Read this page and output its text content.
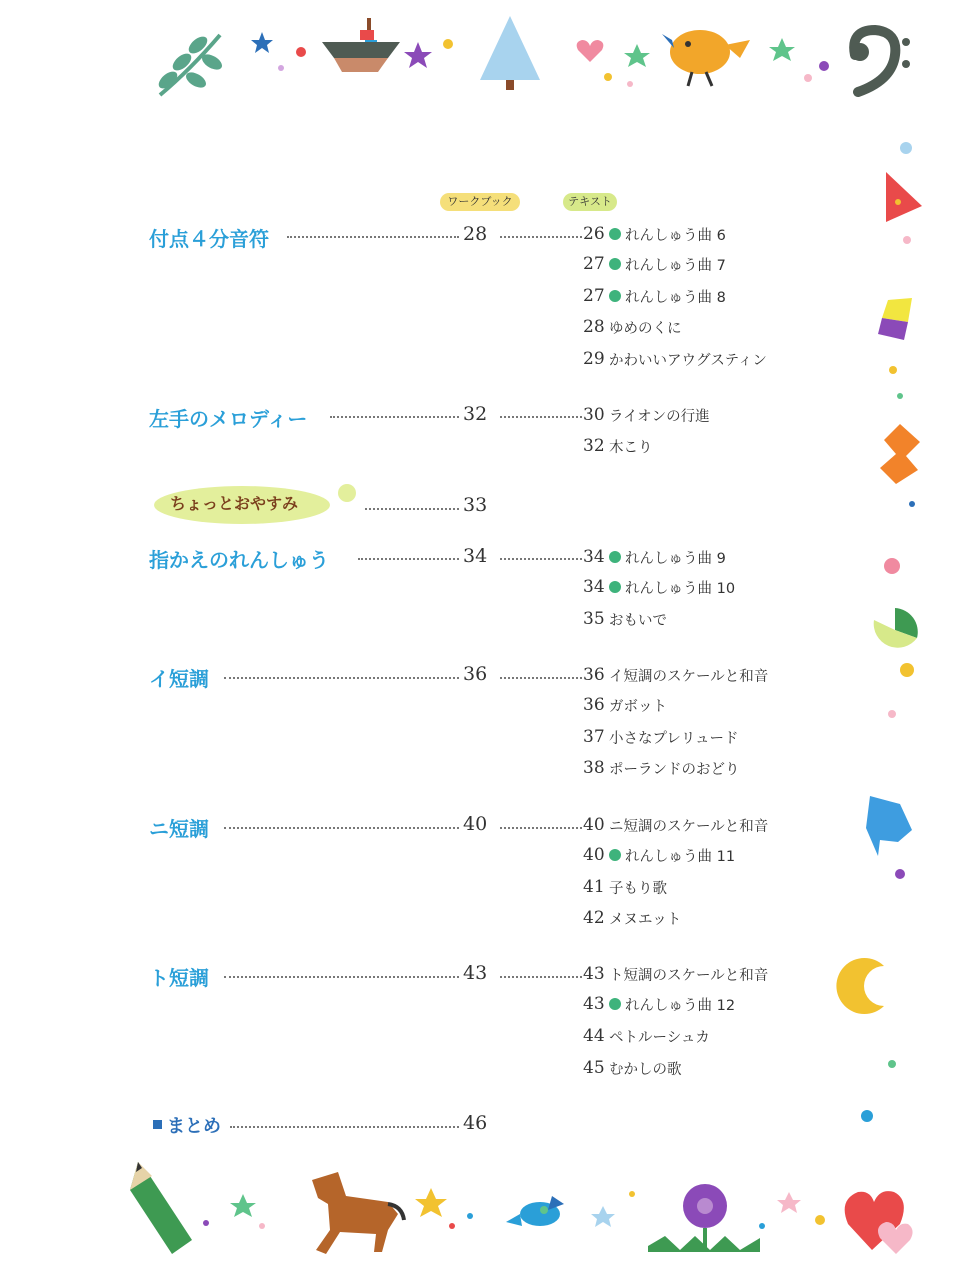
ワークブック	テキスト
付点４分音符	28	26 れんしゅう曲 6
27 れんしゅう曲 7
27 れんしゅう曲 8
28 ゆめのくに
29 かわいいアウグスティン
左手のメロディー	32	30 ライオンの行進
32 木こり
ちょっとおやすみ	33
指かえのれんしゅう	34	34 れんしゅう曲 9
34 れんしゅう曲 10
35 おもいで
イ短調	36	36 イ短調のスケールと和音
36 ガボット
37 小さなプレリュード
38 ポーランドのおどり
ニ短調	40	40 ニ短調のスケールと和音
40 れんしゅう曲 11
41 子もり歌
42 メヌエット
ト短調	43	43 ト短調のスケールと和音
43 れんしゅう曲 12
44 ペトルーシュカ
45 むかしの歌
まとめ	46
